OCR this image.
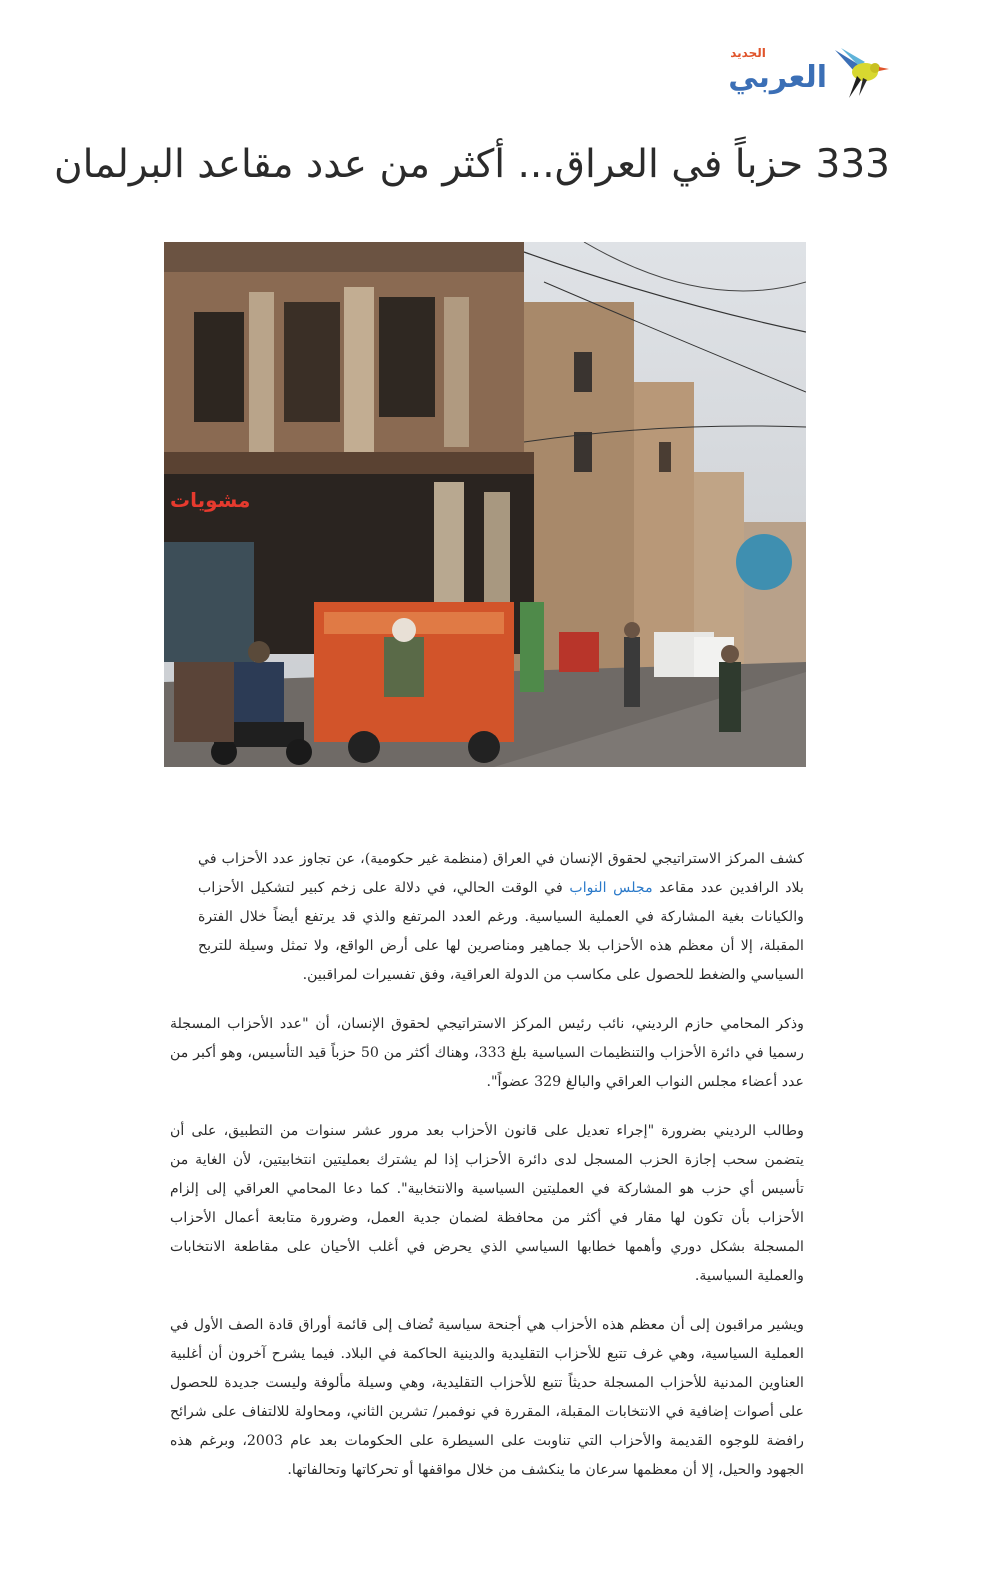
الجديد
العربي
333 حزباً في العراق... أكثر من عدد مقاعد البرلمان
مشويات

كشف المركز الاستراتيجي لحقوق الإنسان في العراق (منظمة غير حكومية)، عن تجاوز عدد الأحزاب في بلاد الرافدين عدد مقاعد مجلس النواب في الوقت الحالي، في دلالة على زخم كبير لتشكيل الأحزاب والكيانات بغية المشاركة في العملية السياسية. ورغم العدد المرتفع والذي قد يرتفع أيضاً خلال الفترة المقبلة، إلا أن معظم هذه الأحزاب بلا جماهير ومناصرين لها على أرض الواقع، ولا تمثل وسيلة للتربح السياسي والضغط للحصول على مكاسب من الدولة العراقية، وفق تفسيرات لمراقبين.

وذكر المحامي حازم الرديني، نائب رئيس المركز الاستراتيجي لحقوق الإنسان، أن "عدد الأحزاب المسجلة رسميا في دائرة الأحزاب والتنظيمات السياسية بلغ 333، وهناك أكثر من 50 حزباً قيد التأسيس، وهو أكبر من عدد أعضاء مجلس النواب العراقي والبالغ 329 عضواً".

وطالب الرديني بضرورة "إجراء تعديل على قانون الأحزاب بعد مرور عشر سنوات من التطبيق، على أن يتضمن سحب إجازة الحزب المسجل لدى دائرة الأحزاب إذا لم يشترك بعمليتين انتخابيتين، لأن الغاية من تأسيس أي حزب هو المشاركة في العمليتين السياسية والانتخابية". كما دعا المحامي العراقي إلى إلزام الأحزاب بأن تكون لها مقار في أكثر من محافظة لضمان جدية العمل، وضرورة متابعة أعمال الأحزاب المسجلة بشكل دوري وأهمها خطابها السياسي الذي يحرض في أغلب الأحيان على مقاطعة الانتخابات والعملية السياسية.

ويشير مراقبون إلى أن معظم هذه الأحزاب هي أجنحة سياسية تُضاف إلى قائمة أوراق قادة الصف الأول في العملية السياسية، وهي غرف تتبع للأحزاب التقليدية والدينية الحاكمة في البلاد. فيما يشرح آخرون أن أغلبية العناوين المدنية للأحزاب المسجلة حديثاً تتبع للأحزاب التقليدية، وهي وسيلة مألوفة وليست جديدة للحصول على أصوات إضافية في الانتخابات المقبلة، المقررة في نوفمبر/ تشرين الثاني، ومحاولة للالتفاف على شرائح رافضة للوجوه القديمة والأحزاب التي تناوبت على السيطرة على الحكومات بعد عام 2003، وبرغم هذه الجهود والحيل، إلا أن معظمها سرعان ما ينكشف من خلال مواقفها أو تحركاتها وتحالفاتها.
